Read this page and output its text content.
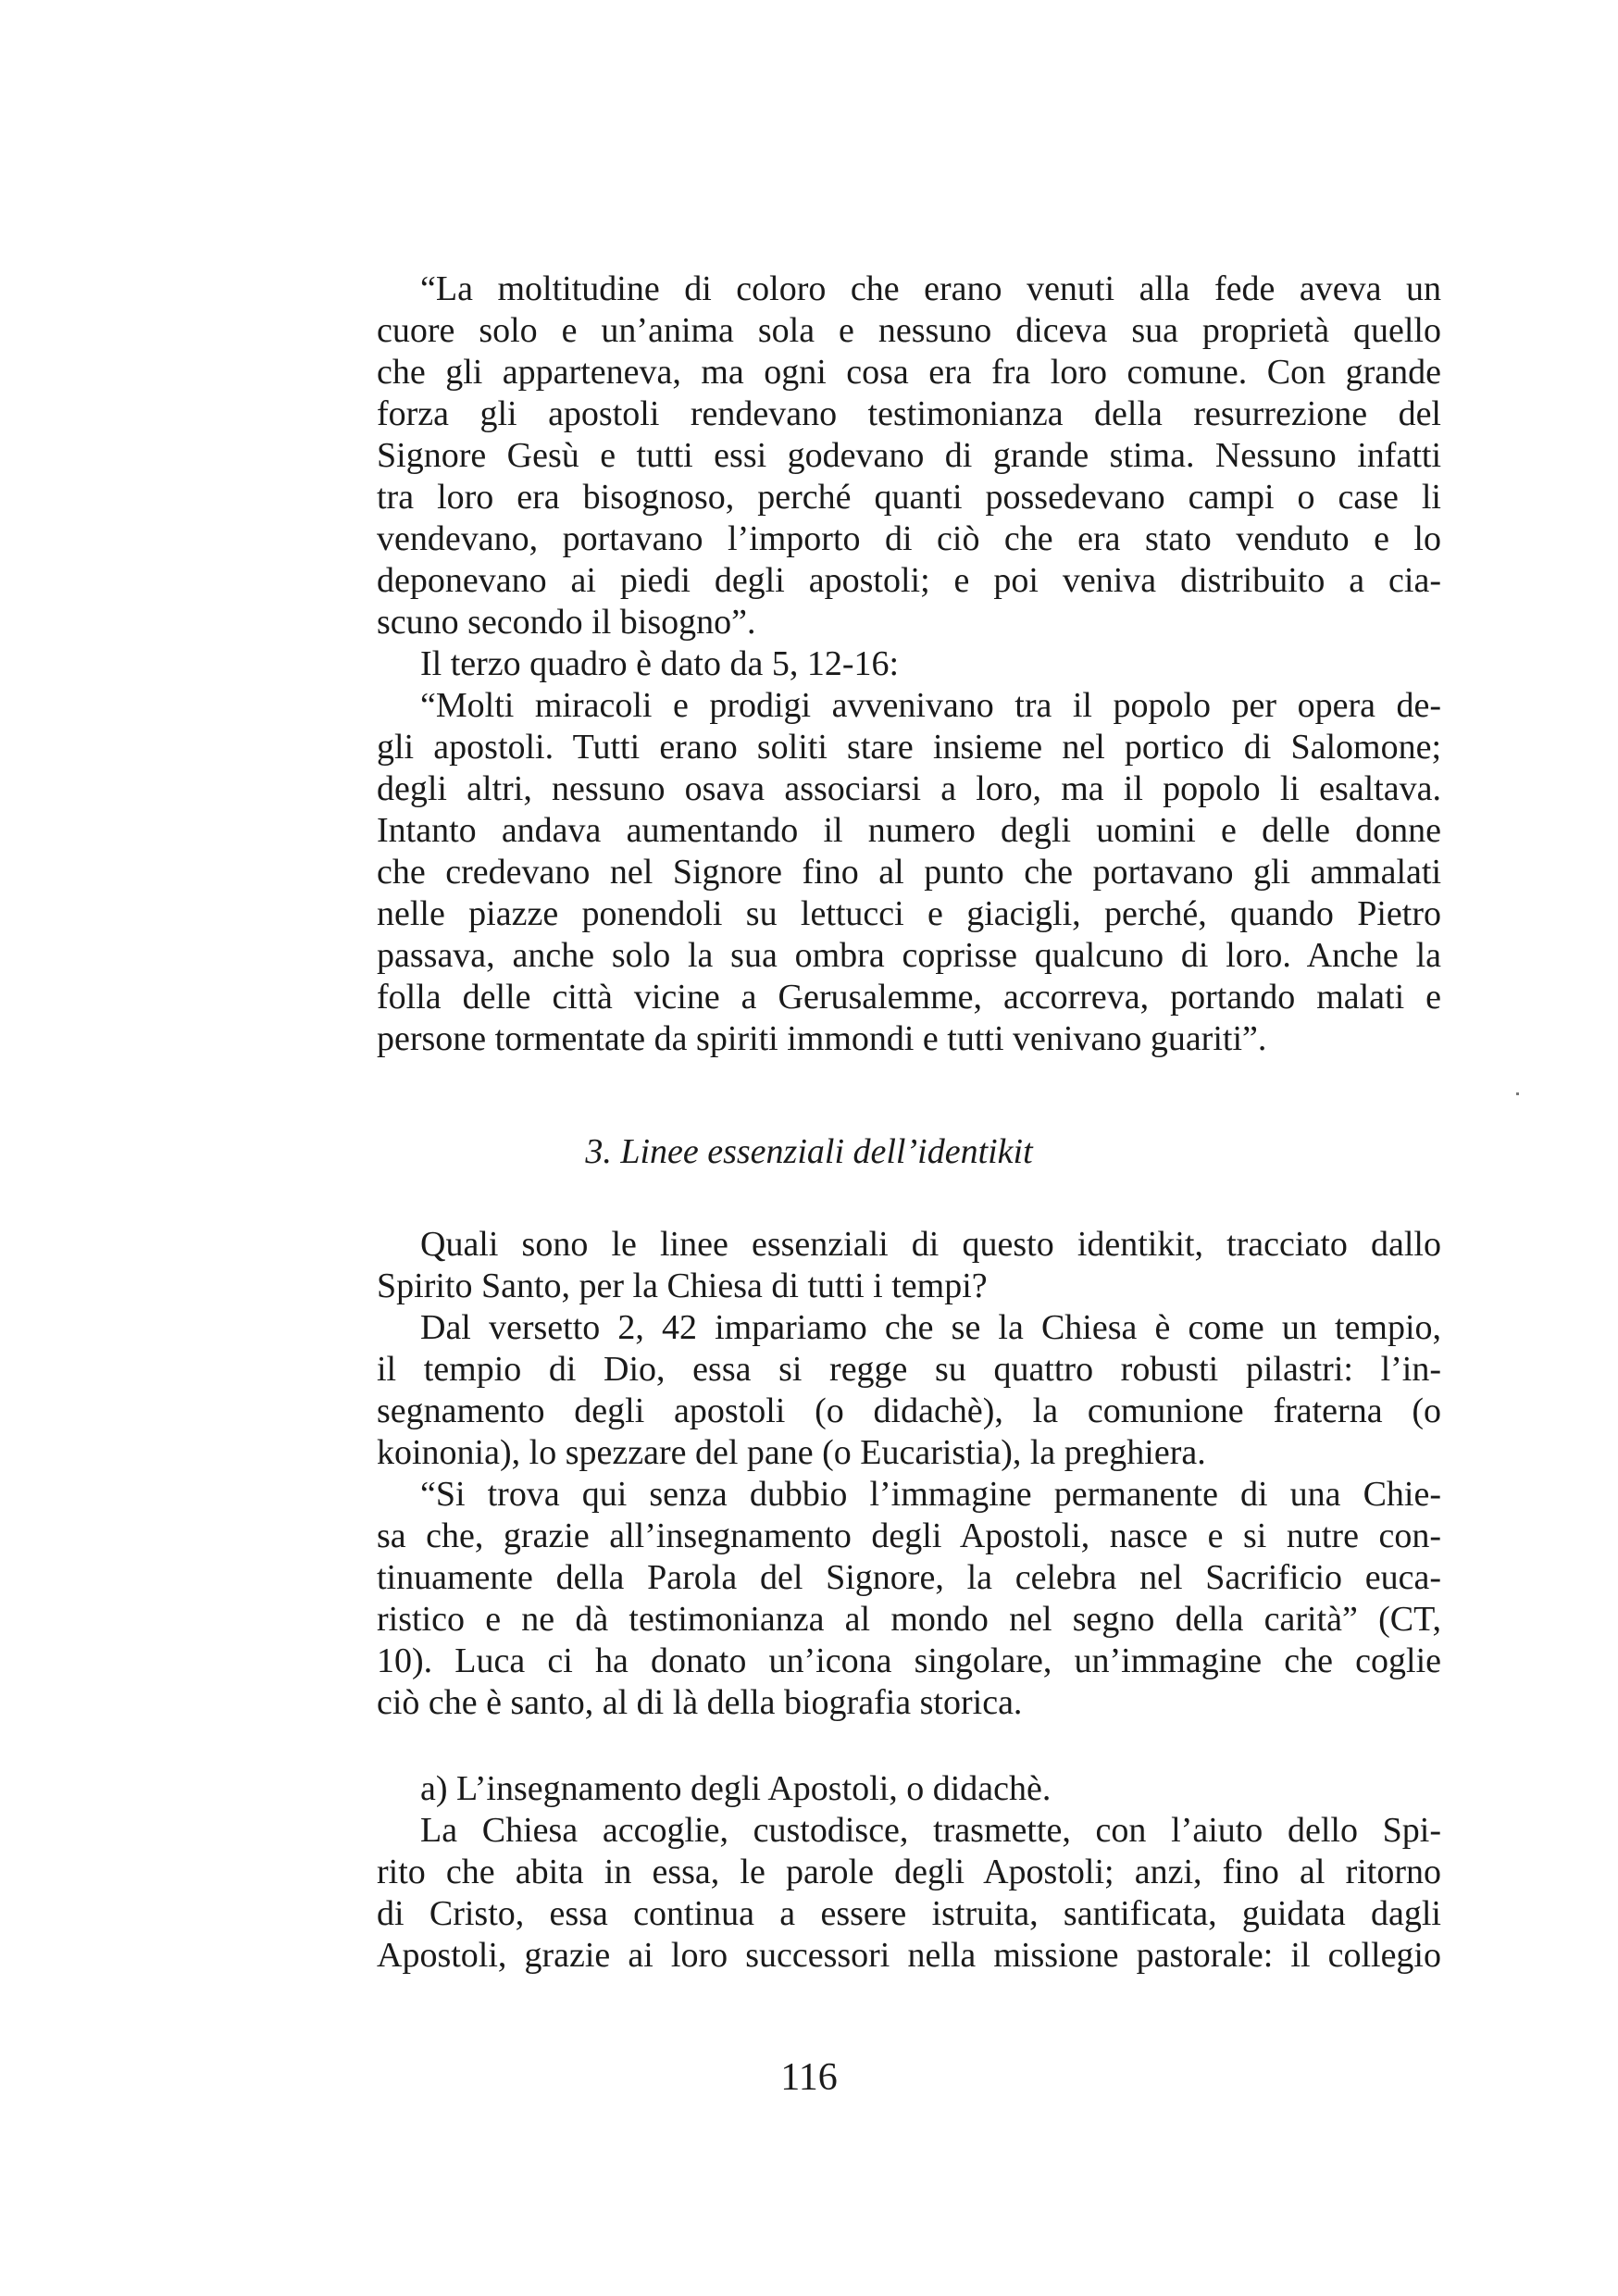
“La moltitudine di coloro che erano venuti alla fede aveva un
cuore solo e un’anima sola e nessuno diceva sua proprietà quello
che gli apparteneva, ma ogni cosa era fra loro comune. Con grande
forza gli apostoli rendevano testimonianza della resurrezione del
Signore Gesù e tutti essi godevano di grande stima. Nessuno infatti
tra loro era bisognoso, perché quanti possedevano campi o case li
vendevano, portavano l’importo di ciò che era stato venduto e lo
deponevano ai piedi degli apostoli; e poi veniva distribuito a cia-
scuno secondo il bisogno”.
Il terzo quadro è dato da 5, 12-16:
“Molti miracoli e prodigi avvenivano tra il popolo per opera de-
gli apostoli. Tutti erano soliti stare insieme nel portico di Salomone;
degli altri, nessuno osava associarsi a loro, ma il popolo li esaltava.
Intanto andava aumentando il numero degli uomini e delle donne
che credevano nel Signore fino al punto che portavano gli ammalati
nelle piazze ponendoli su lettucci e giacigli, perché, quando Pietro
passava, anche solo la sua ombra coprisse qualcuno di loro. Anche la
folla delle città vicine a Gerusalemme, accorreva, portando malati e
persone tormentate da spiriti immondi e tutti venivano guariti”.
3. Linee essenziali dell’identikit
Quali sono le linee essenziali di questo identikit, tracciato dallo
Spirito Santo, per la Chiesa di tutti i tempi?
Dal versetto 2, 42 impariamo che se la Chiesa è come un tempio,
il tempio di Dio, essa si regge su quattro robusti pilastri: l’in-
segnamento degli apostoli (o didachè), la comunione fraterna (o
koinonia), lo spezzare del pane (o Eucaristia), la preghiera.
“Si trova qui senza dubbio l’immagine permanente di una Chie-
sa che, grazie all’insegnamento degli Apostoli, nasce e si nutre con-
tinuamente della Parola del Signore, la celebra nel Sacrificio euca-
ristico e ne dà testimonianza al mondo nel segno della carità” (CT,
10). Luca ci ha donato un’icona singolare, un’immagine che coglie
ciò che è santo, al di là della biografia storica.
a) L’insegnamento degli Apostoli, o didachè.
La Chiesa accoglie, custodisce, trasmette, con l’aiuto dello Spi-
rito che abita in essa, le parole degli Apostoli; anzi, fino al ritorno
di Cristo, essa continua a essere istruita, santificata, guidata dagli
Apostoli, grazie ai loro successori nella missione pastorale: il collegio
116
